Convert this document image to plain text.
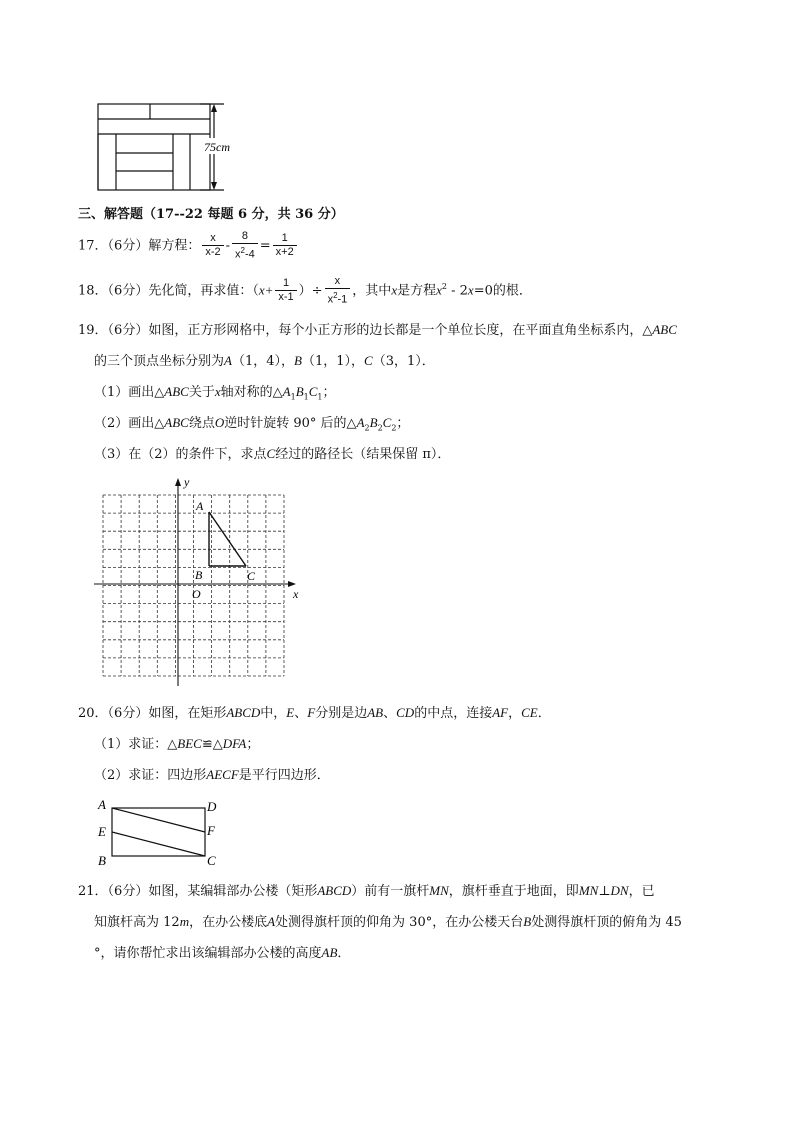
75cm
三、解答题（17--22 每题 6 分，共 36 分）
17．（6分）解方程： $\frac{x}{x-2} - \frac{8}{x^2-4} = \frac{1}{x+2}$
18．（6分）先化简，再求值：（$x+ \frac{1}{x-1}$ ）÷ $\frac{x}{x^2-1}$ ，其中x是方程$x^2 - 2x=0$的根．
19．（6分）如图，正方形网格中，每个小正方形的边长都是一个单位长度，在平面直角坐标系内，△ABC
的三个顶点坐标分别为A（1，4），B（1，1），C（3，1）．
（1）画出△ABC关于x轴对称的$\triangle A_1B_1C_1$；
（2）画出△ABC绕点O逆时针旋转 90° 后的$\triangle A_2B_2C_2$；
（3）在（2）的条件下，求点C经过的路径长（结果保留 π）．
y
x
O
A
B	C
20．（6分）如图，在矩形ABCD中，E、F分别是边AB、CD的中点，连接AF，CE．
（1）求证：△BEC≌△DFA；
（2）求证：四边形AECF是平行四边形．
A	D
E	F
B	C
21．（6分）如图，某编辑部办公楼（矩形ABCD）前有一旗杆MN，旗杆垂直于地面，即MN⊥DN，已
知旗杆高为 12m，在办公楼底A处测得旗杆顶的仰角为 30°，在办公楼天台B处测得旗杆顶的俯角为 45
°，请你帮忙求出该编辑部办公楼的高度AB．
